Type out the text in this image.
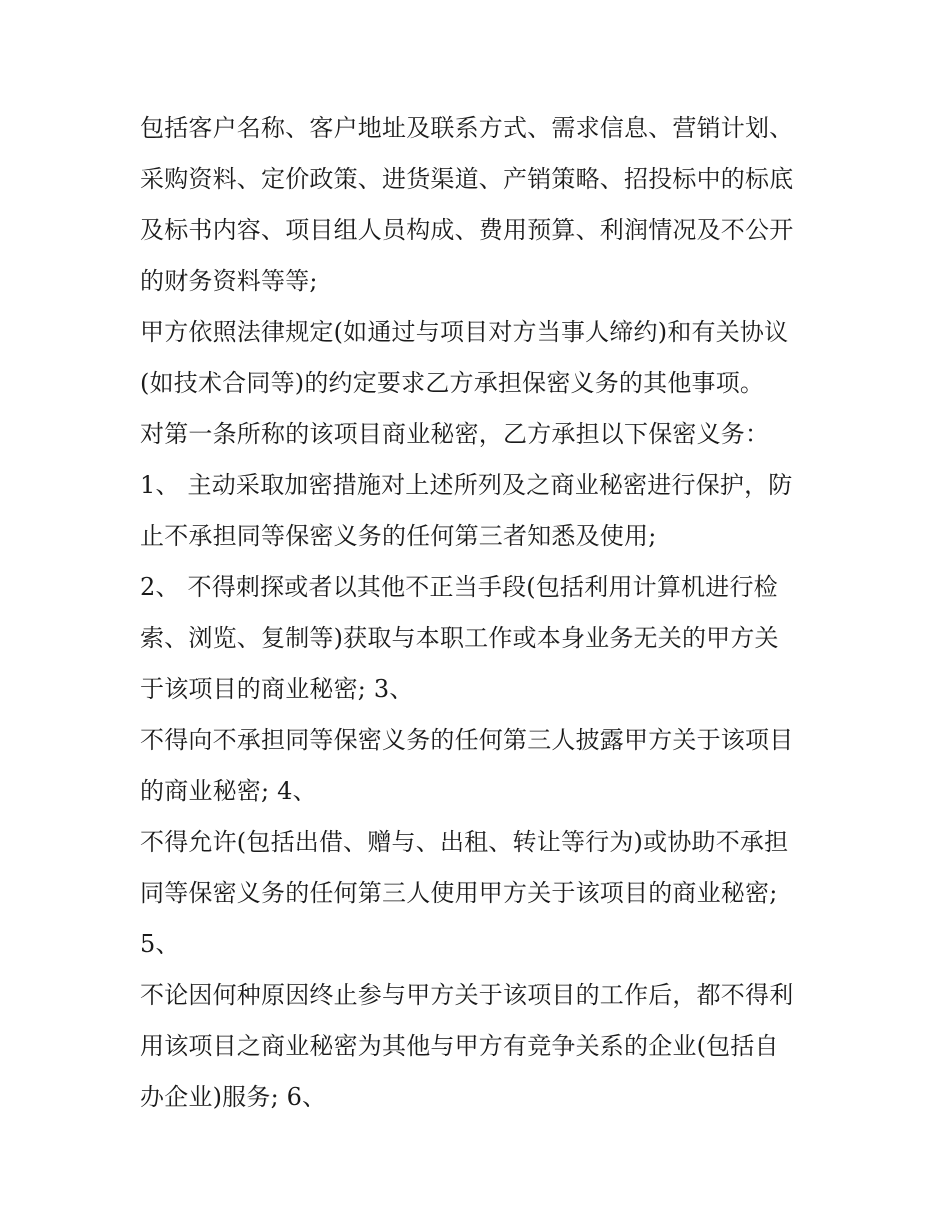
包括客户名称、客户地址及联系方式、需求信息、营销计划、
采购资料、定价政策、进货渠道、产销策略、招投标中的标底
及标书内容、项目组人员构成、费用预算、利润情况及不公开
的财务资料等等;
甲方依照法律规定(如通过与项目对方当事人缔约)和有关协议
(如技术合同等)的约定要求乙方承担保密义务的其他事项。
对第一条所称的该项目商业秘密，乙方承担以下保密义务：
1、 主动采取加密措施对上述所列及之商业秘密进行保护，防
止不承担同等保密义务的任何第三者知悉及使用;
2、 不得刺探或者以其他不正当手段(包括利用计算机进行检
索、浏览、复制等)获取与本职工作或本身业务无关的甲方关
于该项目的商业秘密; 3、
不得向不承担同等保密义务的任何第三人披露甲方关于该项目
的商业秘密; 4、
不得允许(包括出借、赠与、出租、转让等行为)或协助不承担
同等保密义务的任何第三人使用甲方关于该项目的商业秘密;
5、
不论因何种原因终止参与甲方关于该项目的工作后，都不得利
用该项目之商业秘密为其他与甲方有竞争关系的企业(包括自
办企业)服务; 6、
